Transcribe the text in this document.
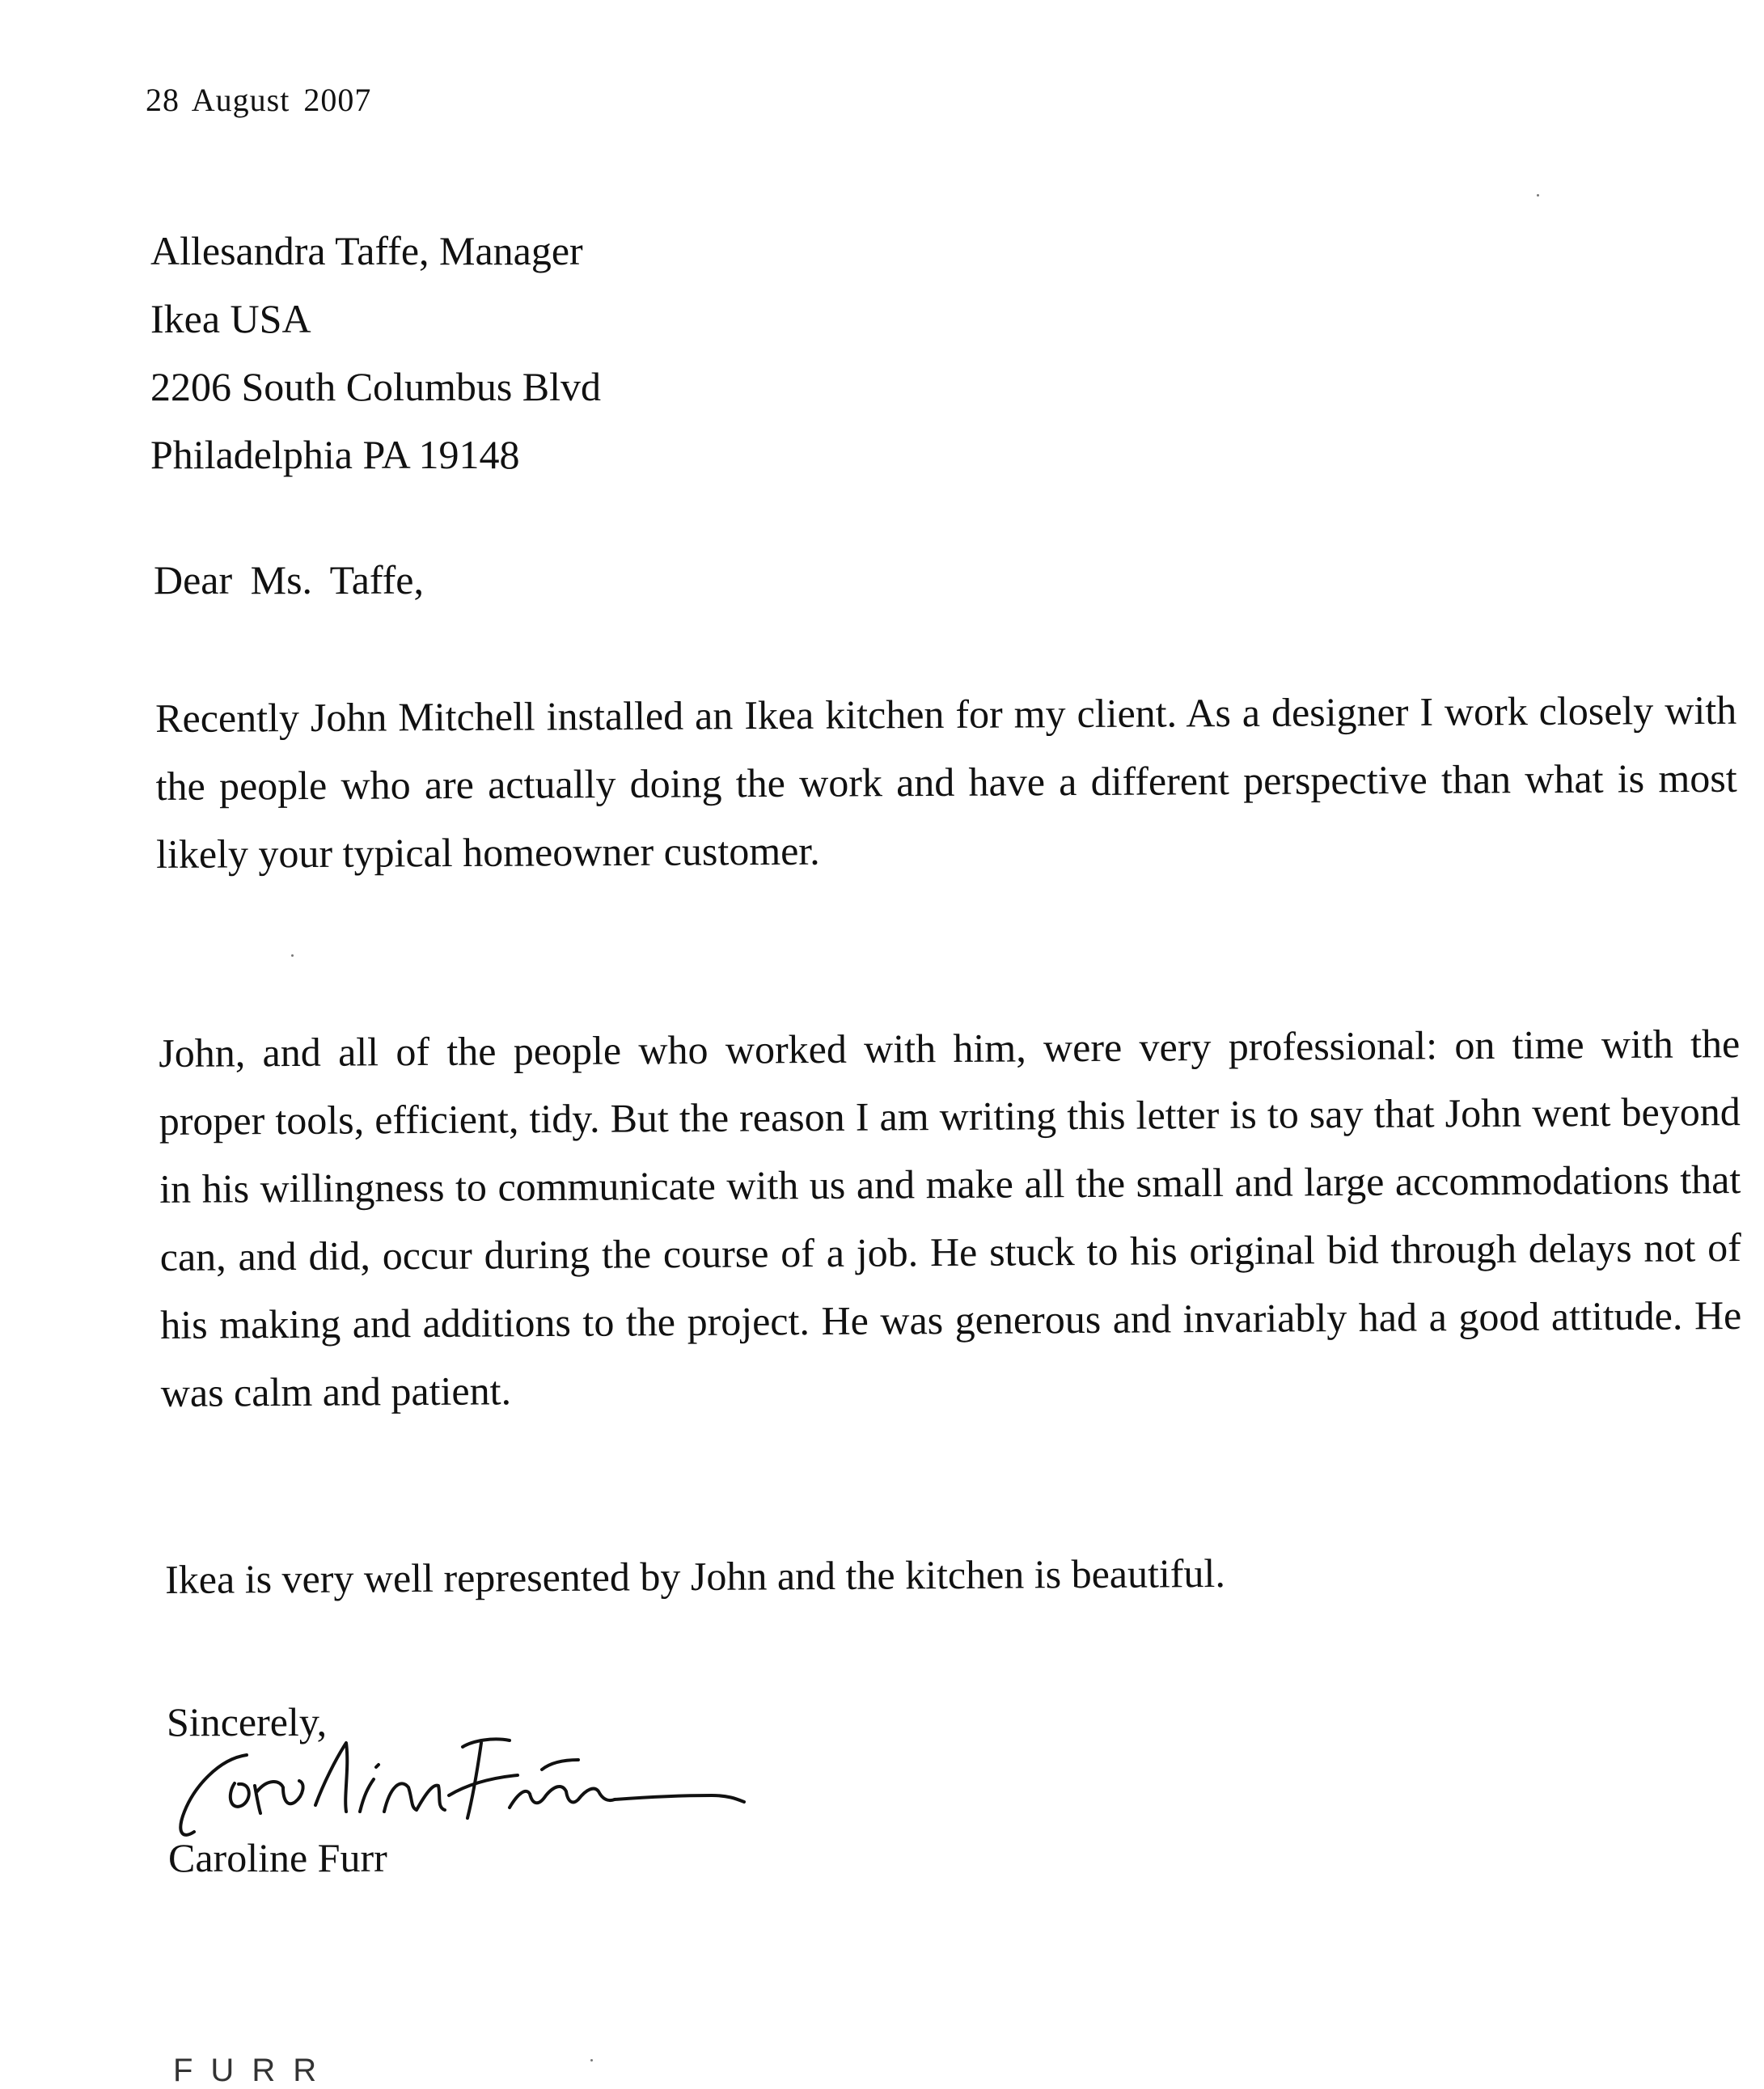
28 August 2007
Allesandra Taffe, Manager
Ikea USA
2206 South Columbus Blvd
Philadelphia PA 19148
Dear Ms. Taffe,

Recently John Mitchell installed an Ikea kitchen for my client. As a designer I work closely with the people who are actually doing the work and have a different perspective than what is most likely your typical homeowner customer.

John, and all of the people who worked with him, were very professional: on time with the proper tools, efficient, tidy. But the reason I am writing this letter is to say that John went beyond in his willingness to communicate with us and make all the small and large accommodations that can, and did, occur during the course of a job. He stuck to his original bid through delays not of his making and additions to the project. He was generous and invariably had a good attitude. He was calm and patient.

Ikea is very well represented by John and the kitchen is beautiful.
Sincerely,
Caroline Furr
FURR
